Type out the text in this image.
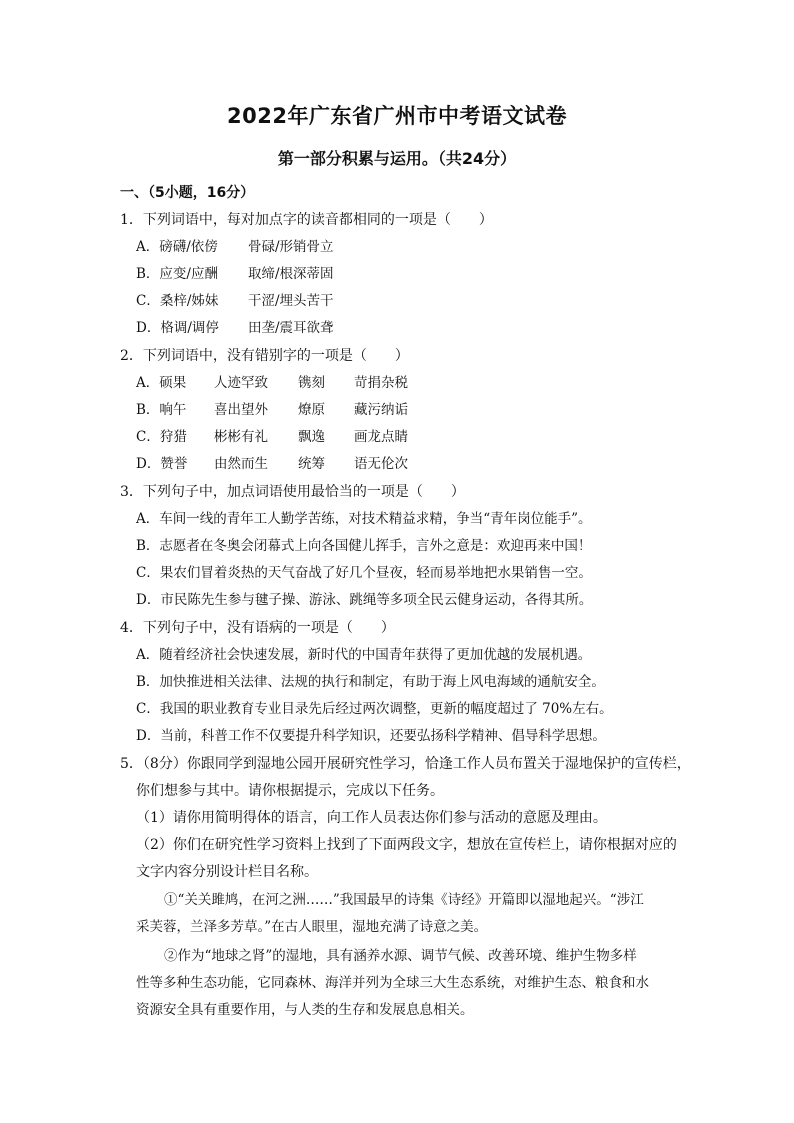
2022年广东省广州市中考语文试卷
第一部分积累与运用。（共24分）
一、（5小题，16分）
1．下列词语中，每对加点字的读音都相同的一项是（　　）
A．磅礴/依傍 骨碌/形销骨立
B．应变/应酬 取缔/根深蒂固
C．桑梓/姊妹 干涩/埋头苦干
D．格调/调停 田垄/震耳欲聋
2．下列词语中，没有错别字的一项是（　　）
A．硕果 人迹罕致 镌刻 苛捐杂税
B．响午 喜出望外 燎原 藏污纳诟
C．狩猎 彬彬有礼 飘逸 画龙点睛
D．赞誉 由然而生 统筹 语无伦次
3．下列句子中，加点词语使用最恰当的一项是（　　）
A．车间一线的青年工人勤学苦练，对技术精益求精，争当“青年岗位能手”。
B．志愿者在冬奥会闭幕式上向各国健儿挥手，言外之意是：欢迎再来中国！
C．果农们冒着炎热的天气奋战了好几个昼夜，轻而易举地把水果销售一空。
D．市民陈先生参与毽子操、游泳、跳绳等多项全民云健身运动，各得其所。
4．下列句子中，没有语病的一项是（　　）
A．随着经济社会快速发展，新时代的中国青年获得了更加优越的发展机遇。
B．加快推进相关法律、法规的执行和制定，有助于海上风电海域的通航安全。
C．我国的职业教育专业目录先后经过两次调整，更新的幅度超过了 70%左右。
D．当前，科普工作不仅要提升科学知识，还要弘扬科学精神、倡导科学思想。
5．（8分）你跟同学到湿地公园开展研究性学习，恰逢工作人员布置关于湿地保护的宣传栏，
你们想参与其中。请你根据提示，完成以下任务。
（1）请你用简明得体的语言，向工作人员表达你们参与活动的意愿及理由。
（2）你们在研究性学习资料上找到了下面两段文字，想放在宣传栏上，请你根据对应的
文字内容分别设计栏目名称。
①“关关雎鸠，在河之洲……”我国最早的诗集《诗经》开篇即以湿地起兴。“涉江
采芙蓉，兰泽多芳草。”在古人眼里，湿地充满了诗意之美。
②作为“地球之肾”的湿地，具有涵养水源、调节气候、改善环境、维护生物多样
性等多种生态功能，它同森林、海洋并列为全球三大生态系统，对维护生态、粮食和水
资源安全具有重要作用，与人类的生存和发展息息相关。
